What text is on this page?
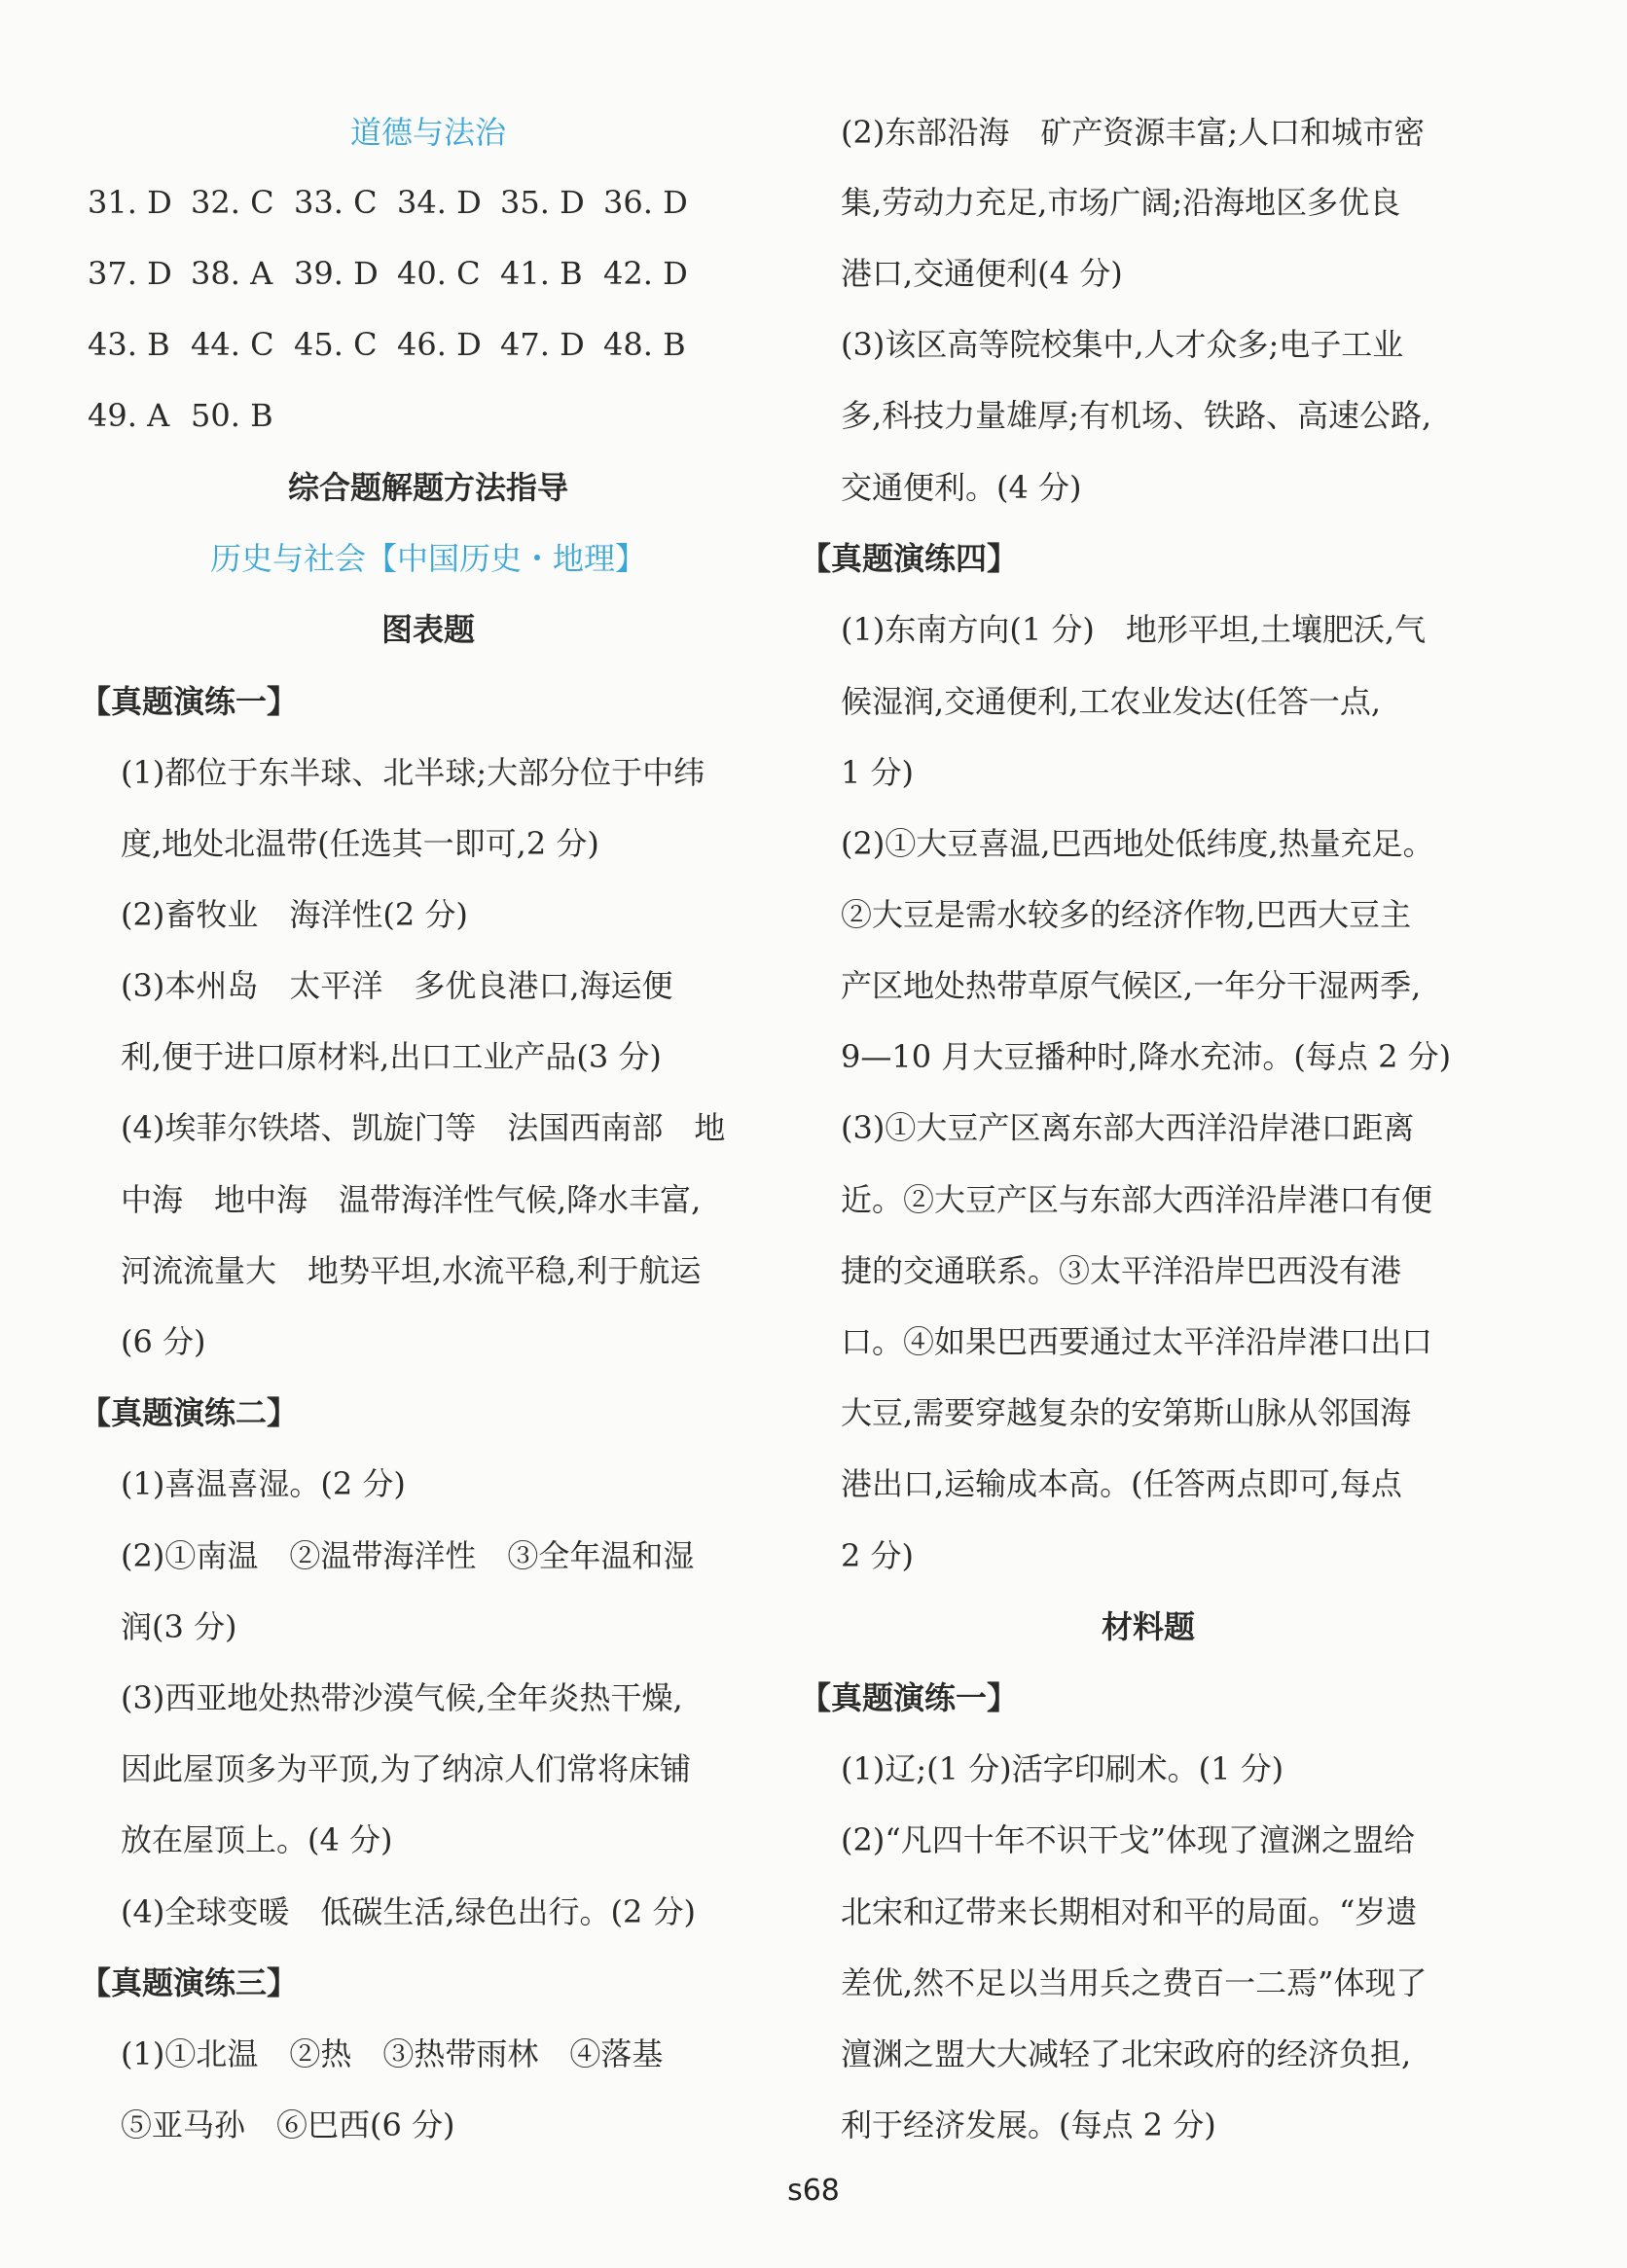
道德与法治
31. D 32. C 33. C 34. D 35. D 36. D
37. D 38. A 39. D 40. C 41. B 42. D
43. B 44. C 45. C 46. D 47. D 48. B
49. A 50. B
综合题解题方法指导
历史与社会【中国历史・地理】
图表题
【真题演练一】
(1)都位于东半球、北半球;大部分位于中纬
度,地处北温带(任选其一即可,2 分)
(2)畜牧业　海洋性(2 分)
(3)本州岛　太平洋　多优良港口,海运便
利,便于进口原材料,出口工业产品(3 分)
(4)埃菲尔铁塔、凯旋门等　法国西南部　地
中海　地中海　温带海洋性气候,降水丰富,
河流流量大　地势平坦,水流平稳,利于航运
(6 分)
【真题演练二】
(1)喜温喜湿。(2 分)
(2)①南温　②温带海洋性　③全年温和湿
润(3 分)
(3)西亚地处热带沙漠气候,全年炎热干燥,
因此屋顶多为平顶,为了纳凉人们常将床铺
放在屋顶上。(4 分)
(4)全球变暖　低碳生活,绿色出行。(2 分)
【真题演练三】
(1)①北温　②热　③热带雨林　④落基
⑤亚马孙　⑥巴西(6 分)
(2)东部沿海　矿产资源丰富;人口和城市密
集,劳动力充足,市场广阔;沿海地区多优良
港口,交通便利(4 分)
(3)该区高等院校集中,人才众多;电子工业
多,科技力量雄厚;有机场、铁路、高速公路,
交通便利。(4 分)
【真题演练四】
(1)东南方向(1 分)　地形平坦,土壤肥沃,气
候湿润,交通便利,工农业发达(任答一点,
1 分)
(2)①大豆喜温,巴西地处低纬度,热量充足。
②大豆是需水较多的经济作物,巴西大豆主
产区地处热带草原气候区,一年分干湿两季,
9—10 月大豆播种时,降水充沛。(每点 2 分)
(3)①大豆产区离东部大西洋沿岸港口距离
近。②大豆产区与东部大西洋沿岸港口有便
捷的交通联系。③太平洋沿岸巴西没有港
口。④如果巴西要通过太平洋沿岸港口出口
大豆,需要穿越复杂的安第斯山脉从邻国海
港出口,运输成本高。(任答两点即可,每点
2 分)
材料题
【真题演练一】
(1)辽;(1 分)活字印刷术。(1 分)
(2)“凡四十年不识干戈”体现了澶渊之盟给
北宋和辽带来长期相对和平的局面。“岁遗
差优,然不足以当用兵之费百一二焉”体现了
澶渊之盟大大减轻了北宋政府的经济负担,
利于经济发展。(每点 2 分)
s68
